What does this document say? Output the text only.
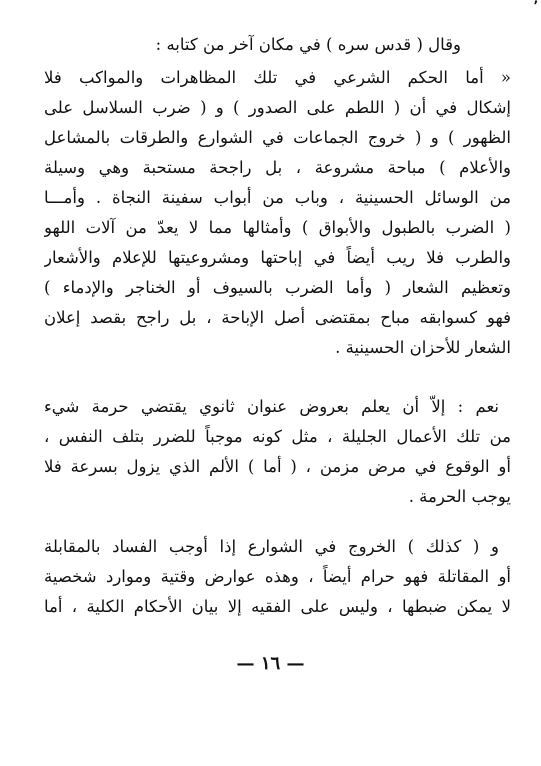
٬
وقال ( قدس سره ) في مكان آخر من كتابه :
« أما الحكم الشرعي في تلك المظاهرات والمواكب فلا
إشكال في أن ( اللطم على الصدور ) و ( ضرب السلاسل على
الظهور ) و ( خروج الجماعات في الشوارع والطرقات بالمشاعل
والأعلام ) مباحة مشروعة ، بل راجحة مستحبة وهي وسيلة
من الوسائل الحسينية ، وباب من أبواب سفينة النجاة . وأمـــا
( الضرب بالطبول والأبواق ) وأمثالها مما لا يعدّ من آلات اللهو
والطرب فلا ريب أيضاً في إباحتها ومشروعيتها للإعلام والأشعار
وتعظيم الشعار ( وأما الضرب بالسيوف أو الخناجر والإدماء )
فهو كسوابقه مباح بمقتضى أصل الإباحة ، بل راجح بقصد إعلان
الشعار للأحزان الحسينية .
نعم : إلاّ أن يعلم بعروض عنوان ثانوي يقتضي حرمة شيء
من تلك الأعمال الجليلة ، مثل كونه موجباً للضرر بتلف النفس ،
أو الوقوع في مرض مزمن ، ( أما ) الألم الذي يزول بسرعة فلا
يوجب الحرمة .
و ( كذلك ) الخروج في الشوارع إذا أوجب الفساد بالمقابلة
أو المقاتلة فهو حرام أيضاً ، وهذه عوارض وقتية وموارد شخصية
لا يمكن ضبطها ، وليس على الفقيه إلا بيان الأحكام الكلية ، أما
— ١٦ —
